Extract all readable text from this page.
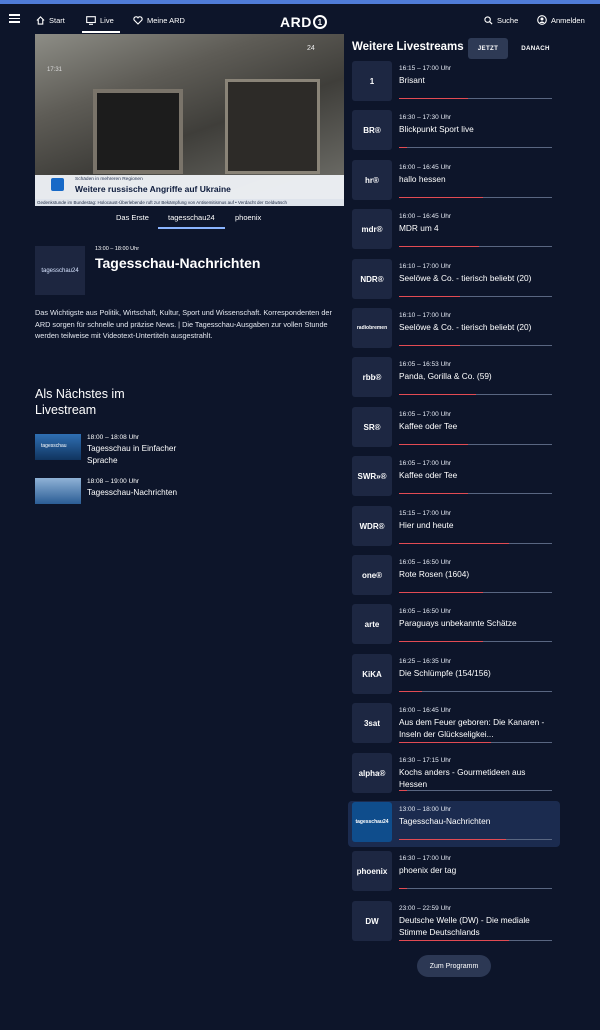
Start	Live	Meine ARD	ARD 1	Suche	Anmelden
17:31
24
Schäden in mehreren Regionen
Weitere russische Angriffe auf Ukraine
Gedenkstunde im Bundestag: Holocaust-Überlebende ruft zur Bekämpfung von Antisemitismus auf • Verdacht der Geldwäsch
Das Erste	tagesschau24	phoenix
tagesschau24
13:00 – 18:00 Uhr
Tagesschau-Nachrichten
Das Wichtigste aus Politik, Wirtschaft, Kultur, Sport und Wissenschaft. Korrespondenten der ARD sorgen für schnelle und präzise News. | Die Tagesschau-Ausgaben zur vollen Stunde werden teilweise mit Videotext-Untertiteln ausgestrahlt.
Als Nächstes im Livestream
tagesschau
18:00 – 18:08 Uhr
Tagesschau in Einfacher Sprache
18:08 – 19:00 Uhr
Tagesschau-Nachrichten
Weitere Livestreams	JETZT	DANACH
1
16:15 – 17:00 Uhr
Brisant
BR®
16:30 – 17:30 Uhr
Blickpunkt Sport live
hr®
16:00 – 16:45 Uhr
hallo hessen
mdr®
16:00 – 16:45 Uhr
MDR um 4
NDR®
16:10 – 17:00 Uhr
Seelöwe & Co. - tierisch beliebt (20)
radiobremen
16:10 – 17:00 Uhr
Seelöwe & Co. - tierisch beliebt (20)
rbb®
16:05 – 16:53 Uhr
Panda, Gorilla & Co. (59)
SR®
16:05 – 17:00 Uhr
Kaffee oder Tee
SWR»®
16:05 – 17:00 Uhr
Kaffee oder Tee
WDR®
15:15 – 17:00 Uhr
Hier und heute
one®
16:05 – 16:50 Uhr
Rote Rosen (1604)
arte
16:05 – 16:50 Uhr
Paraguays unbekannte Schätze
KiKA
16:25 – 16:35 Uhr
Die Schlümpfe (154/156)
3sat
16:00 – 16:45 Uhr
Aus dem Feuer geboren: Die Kanaren - Inseln der Glückseligkei...
alpha®
16:30 – 17:15 Uhr
Kochs anders - Gourmetideen aus Hessen
tagesschau24
13:00 – 18:00 Uhr
Tagesschau-Nachrichten
phoenix
16:30 – 17:00 Uhr
phoenix der tag
DW
23:00 – 22:59 Uhr
Deutsche Welle (DW) - Die mediale Stimme Deutschlands
Zum Programm
